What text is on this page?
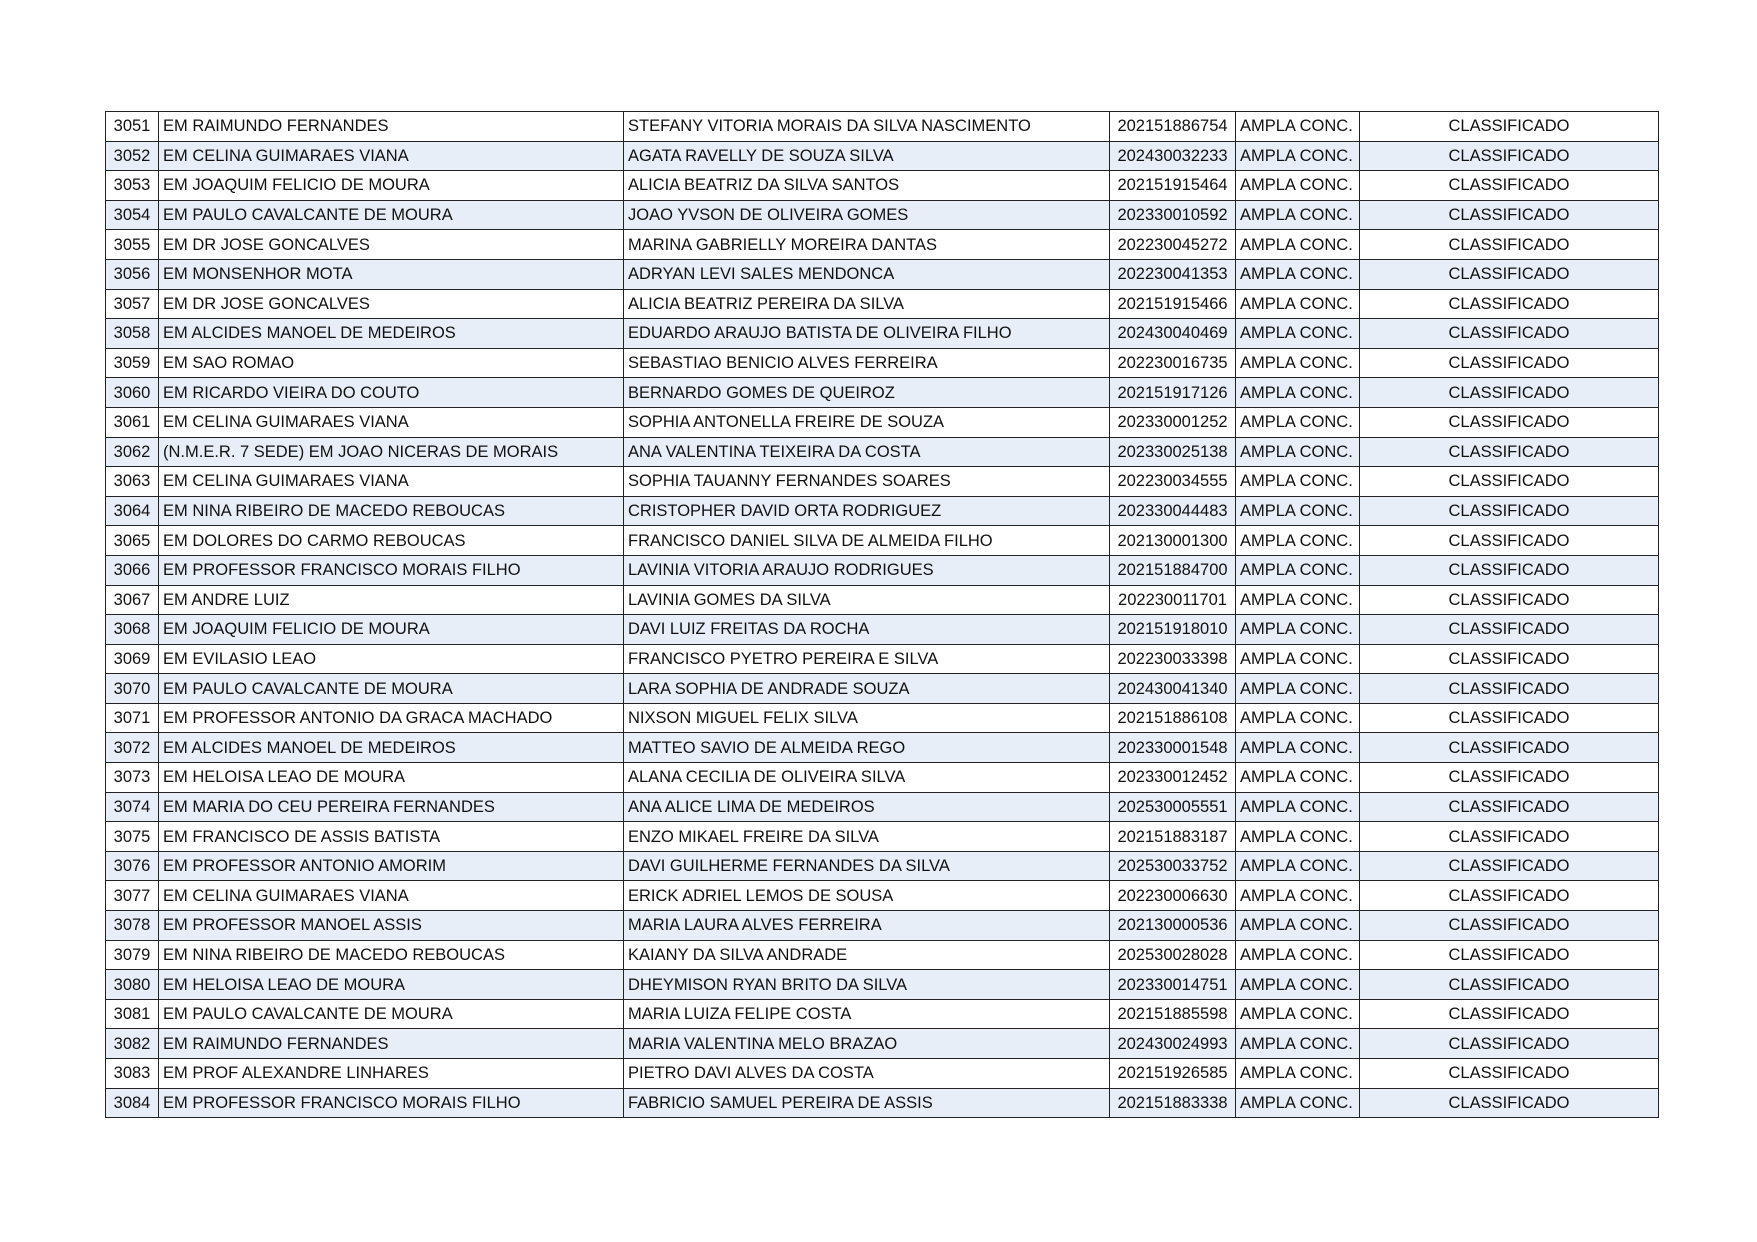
3051	EM RAIMUNDO FERNANDES	STEFANY VITORIA MORAIS DA SILVA NASCIMENTO	202151886754	AMPLA CONC.	CLASSIFICADO
3052	EM CELINA GUIMARAES VIANA	AGATA RAVELLY DE SOUZA SILVA	202430032233	AMPLA CONC.	CLASSIFICADO
3053	EM JOAQUIM FELICIO DE MOURA	ALICIA BEATRIZ DA SILVA SANTOS	202151915464	AMPLA CONC.	CLASSIFICADO
3054	EM PAULO CAVALCANTE DE MOURA	JOAO YVSON DE OLIVEIRA GOMES	202330010592	AMPLA CONC.	CLASSIFICADO
3055	EM DR JOSE GONCALVES	MARINA GABRIELLY MOREIRA DANTAS	202230045272	AMPLA CONC.	CLASSIFICADO
3056	EM MONSENHOR MOTA	ADRYAN LEVI SALES MENDONCA	202230041353	AMPLA CONC.	CLASSIFICADO
3057	EM DR JOSE GONCALVES	ALICIA BEATRIZ PEREIRA DA SILVA	202151915466	AMPLA CONC.	CLASSIFICADO
3058	EM ALCIDES MANOEL DE MEDEIROS	EDUARDO ARAUJO BATISTA DE OLIVEIRA FILHO	202430040469	AMPLA CONC.	CLASSIFICADO
3059	EM SAO ROMAO	SEBASTIAO BENICIO ALVES FERREIRA	202230016735	AMPLA CONC.	CLASSIFICADO
3060	EM RICARDO VIEIRA DO COUTO	BERNARDO GOMES DE QUEIROZ	202151917126	AMPLA CONC.	CLASSIFICADO
3061	EM CELINA GUIMARAES VIANA	SOPHIA ANTONELLA FREIRE DE SOUZA	202330001252	AMPLA CONC.	CLASSIFICADO
3062	(N.M.E.R. 7 SEDE) EM JOAO NICERAS DE MORAIS	ANA VALENTINA TEIXEIRA DA COSTA	202330025138	AMPLA CONC.	CLASSIFICADO
3063	EM CELINA GUIMARAES VIANA	SOPHIA TAUANNY FERNANDES SOARES	202230034555	AMPLA CONC.	CLASSIFICADO
3064	EM NINA RIBEIRO DE MACEDO REBOUCAS	CRISTOPHER DAVID ORTA RODRIGUEZ	202330044483	AMPLA CONC.	CLASSIFICADO
3065	EM DOLORES DO CARMO REBOUCAS	FRANCISCO DANIEL SILVA DE ALMEIDA FILHO	202130001300	AMPLA CONC.	CLASSIFICADO
3066	EM PROFESSOR FRANCISCO MORAIS FILHO	LAVINIA VITORIA ARAUJO RODRIGUES	202151884700	AMPLA CONC.	CLASSIFICADO
3067	EM ANDRE LUIZ	LAVINIA GOMES DA SILVA	202230011701	AMPLA CONC.	CLASSIFICADO
3068	EM JOAQUIM FELICIO DE MOURA	DAVI LUIZ FREITAS DA ROCHA	202151918010	AMPLA CONC.	CLASSIFICADO
3069	EM EVILASIO LEAO	FRANCISCO PYETRO PEREIRA E SILVA	202230033398	AMPLA CONC.	CLASSIFICADO
3070	EM PAULO CAVALCANTE DE MOURA	LARA SOPHIA DE ANDRADE SOUZA	202430041340	AMPLA CONC.	CLASSIFICADO
3071	EM PROFESSOR ANTONIO DA GRACA MACHADO	NIXSON MIGUEL FELIX SILVA	202151886108	AMPLA CONC.	CLASSIFICADO
3072	EM ALCIDES MANOEL DE MEDEIROS	MATTEO SAVIO DE ALMEIDA REGO	202330001548	AMPLA CONC.	CLASSIFICADO
3073	EM HELOISA LEAO DE MOURA	ALANA CECILIA DE OLIVEIRA SILVA	202330012452	AMPLA CONC.	CLASSIFICADO
3074	EM MARIA DO CEU PEREIRA FERNANDES	ANA ALICE LIMA DE MEDEIROS	202530005551	AMPLA CONC.	CLASSIFICADO
3075	EM FRANCISCO DE ASSIS BATISTA	ENZO MIKAEL FREIRE DA SILVA	202151883187	AMPLA CONC.	CLASSIFICADO
3076	EM PROFESSOR ANTONIO AMORIM	DAVI GUILHERME FERNANDES DA SILVA	202530033752	AMPLA CONC.	CLASSIFICADO
3077	EM CELINA GUIMARAES VIANA	ERICK ADRIEL LEMOS DE SOUSA	202230006630	AMPLA CONC.	CLASSIFICADO
3078	EM PROFESSOR MANOEL ASSIS	MARIA LAURA ALVES FERREIRA	202130000536	AMPLA CONC.	CLASSIFICADO
3079	EM NINA RIBEIRO DE MACEDO REBOUCAS	KAIANY DA SILVA ANDRADE	202530028028	AMPLA CONC.	CLASSIFICADO
3080	EM HELOISA LEAO DE MOURA	DHEYMISON RYAN BRITO DA SILVA	202330014751	AMPLA CONC.	CLASSIFICADO
3081	EM PAULO CAVALCANTE DE MOURA	MARIA LUIZA FELIPE COSTA	202151885598	AMPLA CONC.	CLASSIFICADO
3082	EM RAIMUNDO FERNANDES	MARIA VALENTINA MELO BRAZAO	202430024993	AMPLA CONC.	CLASSIFICADO
3083	EM PROF ALEXANDRE LINHARES	PIETRO DAVI ALVES DA COSTA	202151926585	AMPLA CONC.	CLASSIFICADO
3084	EM PROFESSOR FRANCISCO MORAIS FILHO	FABRICIO SAMUEL PEREIRA DE ASSIS	202151883338	AMPLA CONC.	CLASSIFICADO
